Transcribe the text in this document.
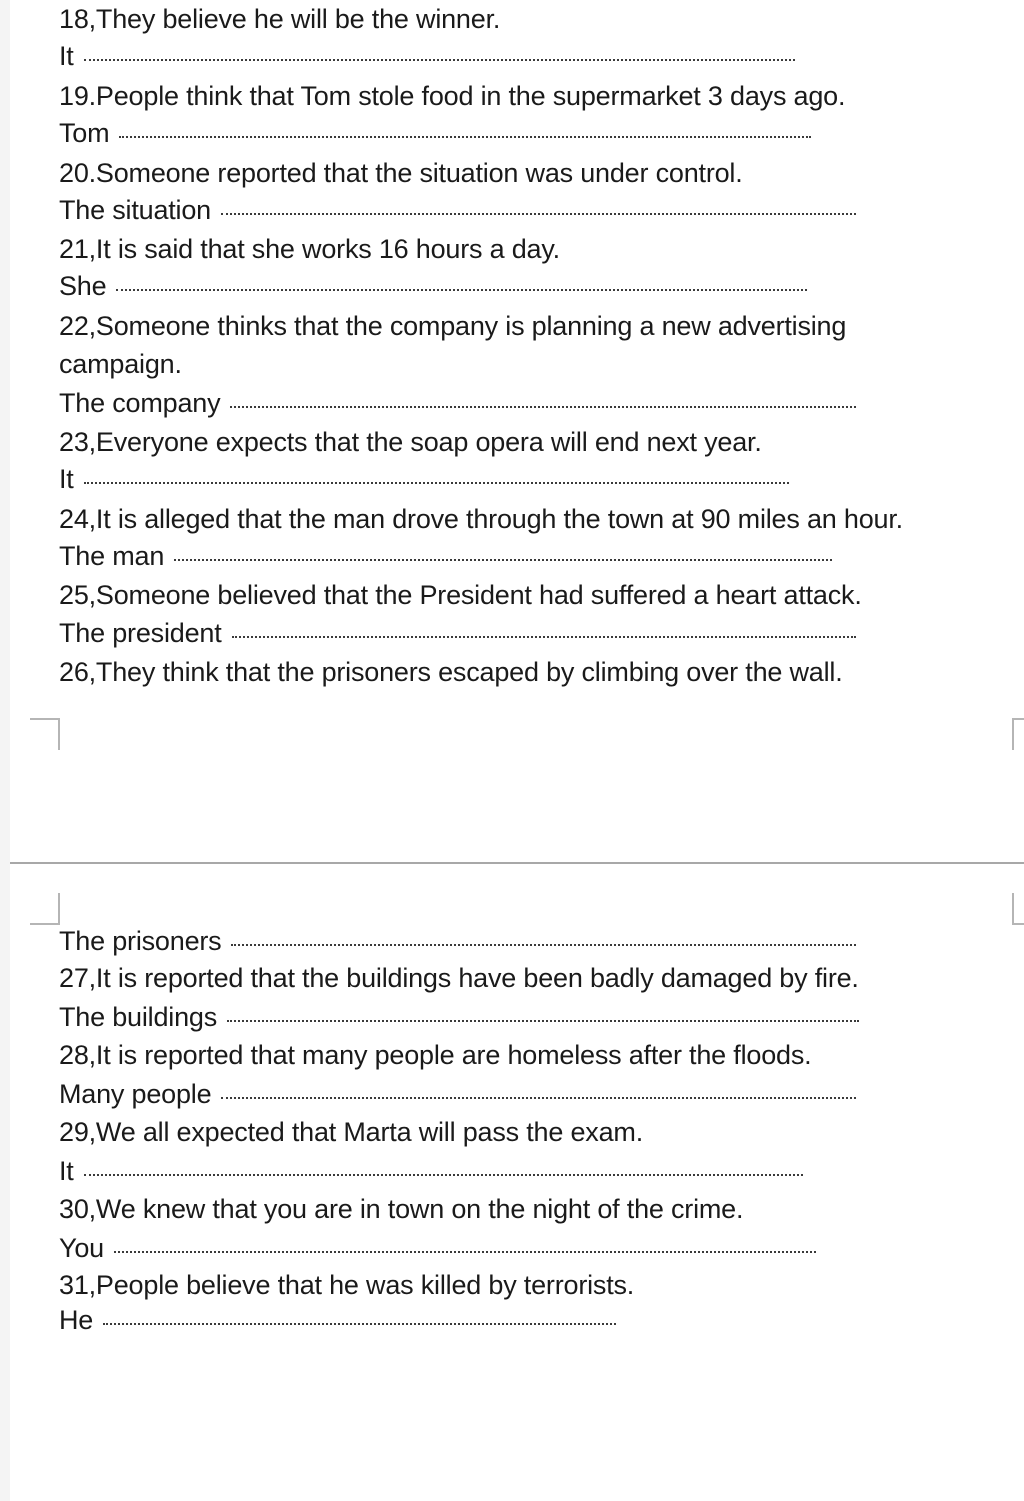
18,They believe he will be the winner.
It
19.People think that Tom stole food in the supermarket 3 days ago.
Tom
20.Someone reported that the situation was under control.
The situation
21,It is said that she works 16 hours a day.
She
22,Someone thinks that the company is planning a new advertising
campaign.
The company
23,Everyone expects that the soap opera will end next year.
It
24,It is alleged that the man drove through the town at 90 miles an hour.
The man
25,Someone believed that the President had suffered a heart attack.
The president
26,They think that the prisoners escaped by climbing over the wall.
The prisoners
27,It is reported that the buildings have been badly damaged by fire.
The buildings
28,It is reported that many people are homeless after the floods.
Many people
29,We all expected that Marta will pass the exam.
It
30,We knew that you are in town on the night of the crime.
You
31,People believe that he was killed by terrorists.
He
